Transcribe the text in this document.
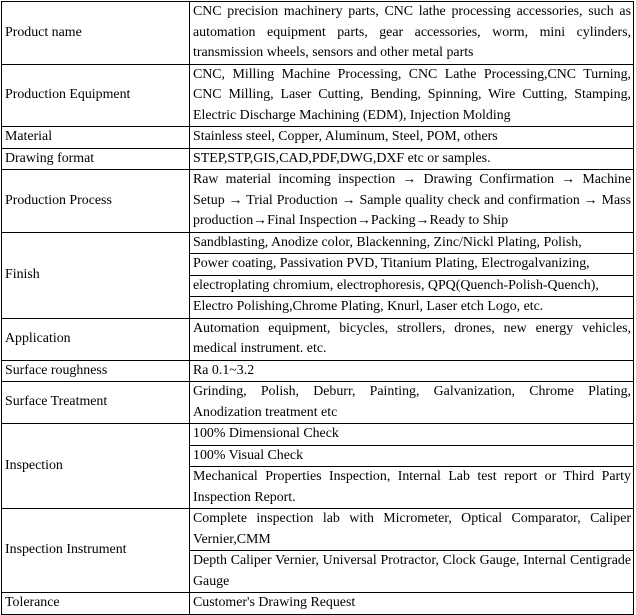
Product name	CNC precision machinery parts, CNC lathe processing accessories, such as automation equipment parts, gear accessories, worm, mini cylinders, transmission wheels, sensors and other metal parts
Production Equipment	CNC, Milling Machine Processing, CNC Lathe Processing,CNC Turning, CNC Milling, Laser Cutting, Bending, Spinning, Wire Cutting, Stamping, Electric Discharge Machining (EDM), Injection Molding
Material	Stainless steel, Copper, Aluminum, Steel, POM, others
Drawing format	STEP,STP,GIS,CAD,PDF,DWG,DXF etc or samples.
Production Process	Raw material incoming inspection → Drawing Confirmation → Machine Setup → Trial Production → Sample quality check and confirmation → Mass production→Final Inspection→Packing→Ready to Ship
Finish	Sandblasting, Anodize color, Blackenning, Zinc/Nickl Plating, Polish,
	Power coating, Passivation PVD, Titanium Plating, Electrogalvanizing,
	electroplating chromium, electrophoresis, QPQ(Quench-Polish-Quench),
	Electro Polishing,Chrome Plating, Knurl, Laser etch Logo, etc.
Application	Automation equipment, bicycles, strollers, drones, new energy vehicles, medical instrument. etc.
Surface roughness	Ra 0.1~3.2
Surface Treatment	Grinding, Polish, Deburr, Painting, Galvanization, Chrome Plating, Anodization treatment etc
Inspection	100% Dimensional Check
	100% Visual Check
	Mechanical Properties Inspection, Internal Lab test report or Third Party Inspection Report.
Inspection Instrument	Complete inspection lab with Micrometer, Optical Comparator, Caliper Vernier,CMM
	Depth Caliper Vernier, Universal Protractor, Clock Gauge, Internal Centigrade Gauge
Tolerance	Customer's Drawing Request
